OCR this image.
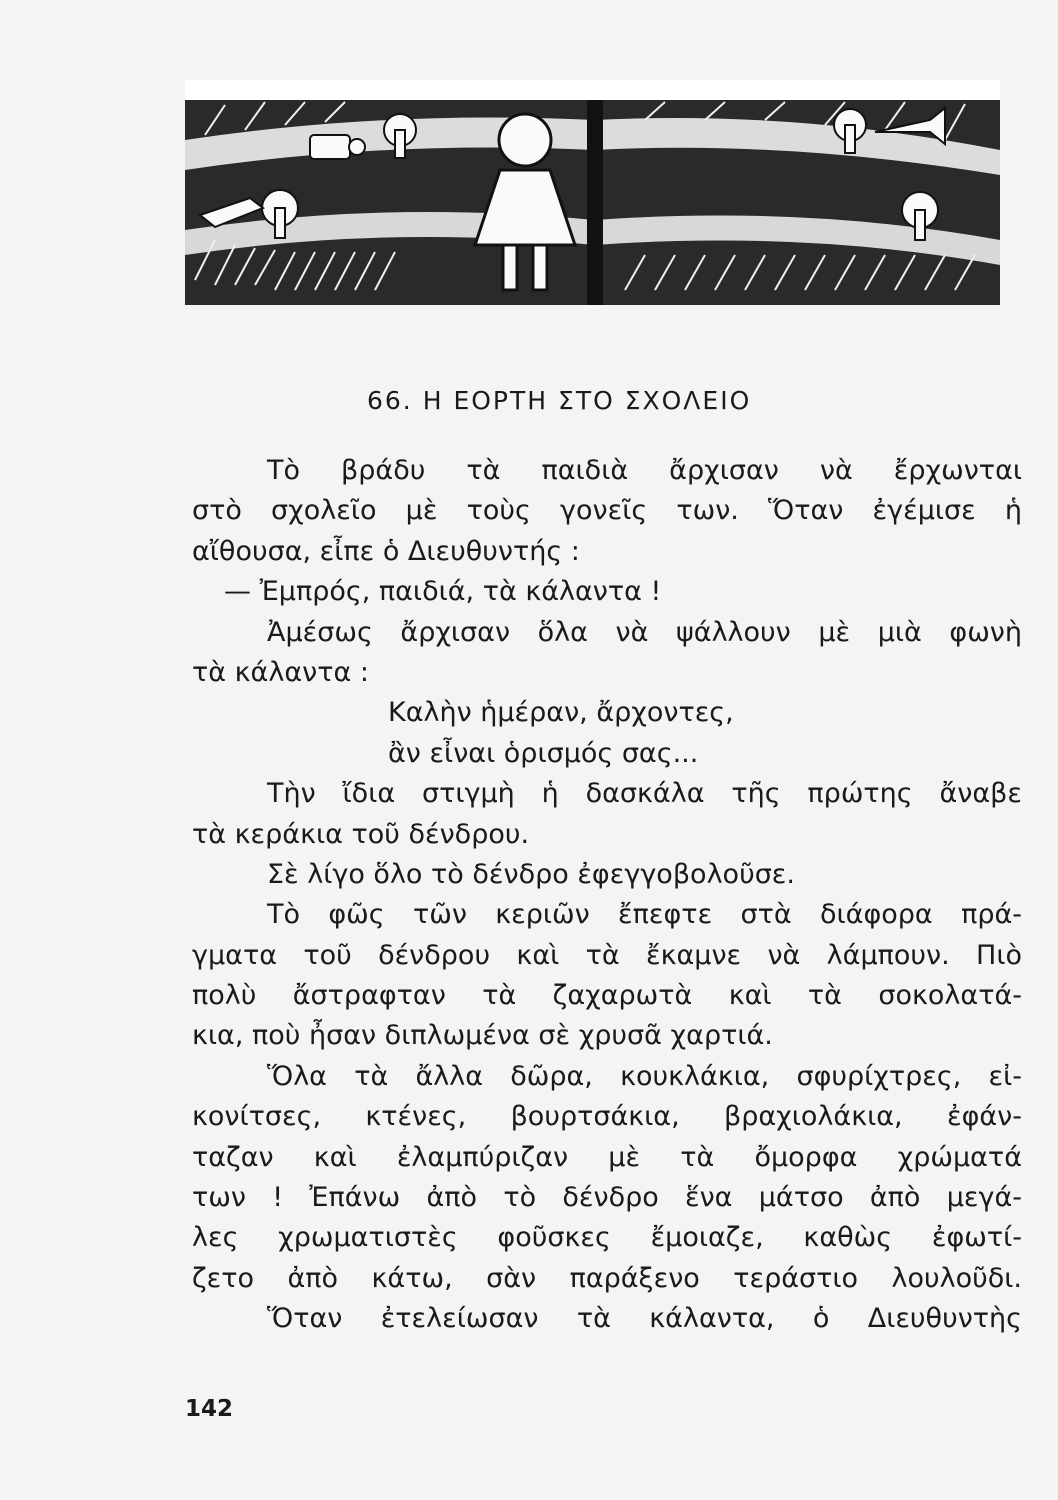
66. Η ΕΟΡΤΗ ΣΤΟ ΣΧΟΛΕΙΟ
Τὸ βράδυ τὰ παιδιὰ ἄρχισαν νὰ ἔρχωνται
στὸ σχολεῖο μὲ τοὺς γονεῖς των. Ὅταν ἐγέμισε ἡ
αἴθουσα, εἶπε ὁ Διευθυντής :
— Ἐμπρός, παιδιά, τὰ κάλαντα !
Ἀμέσως ἄρχισαν ὅλα νὰ ψάλλουν μὲ μιὰ φωνὴ
τὰ κάλαντα :
Καλὴν ἡμέραν, ἄρχοντες,
ἂν εἶναι ὁρισμός σας...
Τὴν ἴδια στιγμὴ ἡ δασκάλα τῆς πρώτης ἄναβε
τὰ κεράκια τοῦ δένδρου.
Σὲ λίγο ὅλο τὸ δένδρο ἐφεγγοβολοῦσε.
Τὸ φῶς τῶν κεριῶν ἔπεφτε στὰ διάφορα πρά-
γματα τοῦ δένδρου καὶ τὰ ἔκαμνε νὰ λάμπουν. Πιὸ
πολὺ ἄστραφταν τὰ ζαχαρωτὰ καὶ τὰ σοκολατά-
κια, ποὺ ἦσαν διπλωμένα σὲ χρυσᾶ χαρτιά.
Ὅλα τὰ ἄλλα δῶρα, κουκλάκια, σφυρίχτρες, εἰ-
κονίτσες, κτένες, βουρτσάκια, βραχιολάκια, ἐφάν-
ταζαν καὶ ἐλαμπύριζαν μὲ τὰ ὄμορφα χρώματά
των ! Ἐπάνω ἀπὸ τὸ δένδρο ἕνα μάτσο ἀπὸ μεγά-
λες χρωματιστὲς φοῦσκες ἔμοιαζε, καθὼς ἐφωτί-
ζετο ἀπὸ κάτω, σὰν παράξενο τεράστιο λουλοῦδι.
Ὅταν ἐτελείωσαν τὰ κάλαντα, ὁ Διευθυντὴς
142
